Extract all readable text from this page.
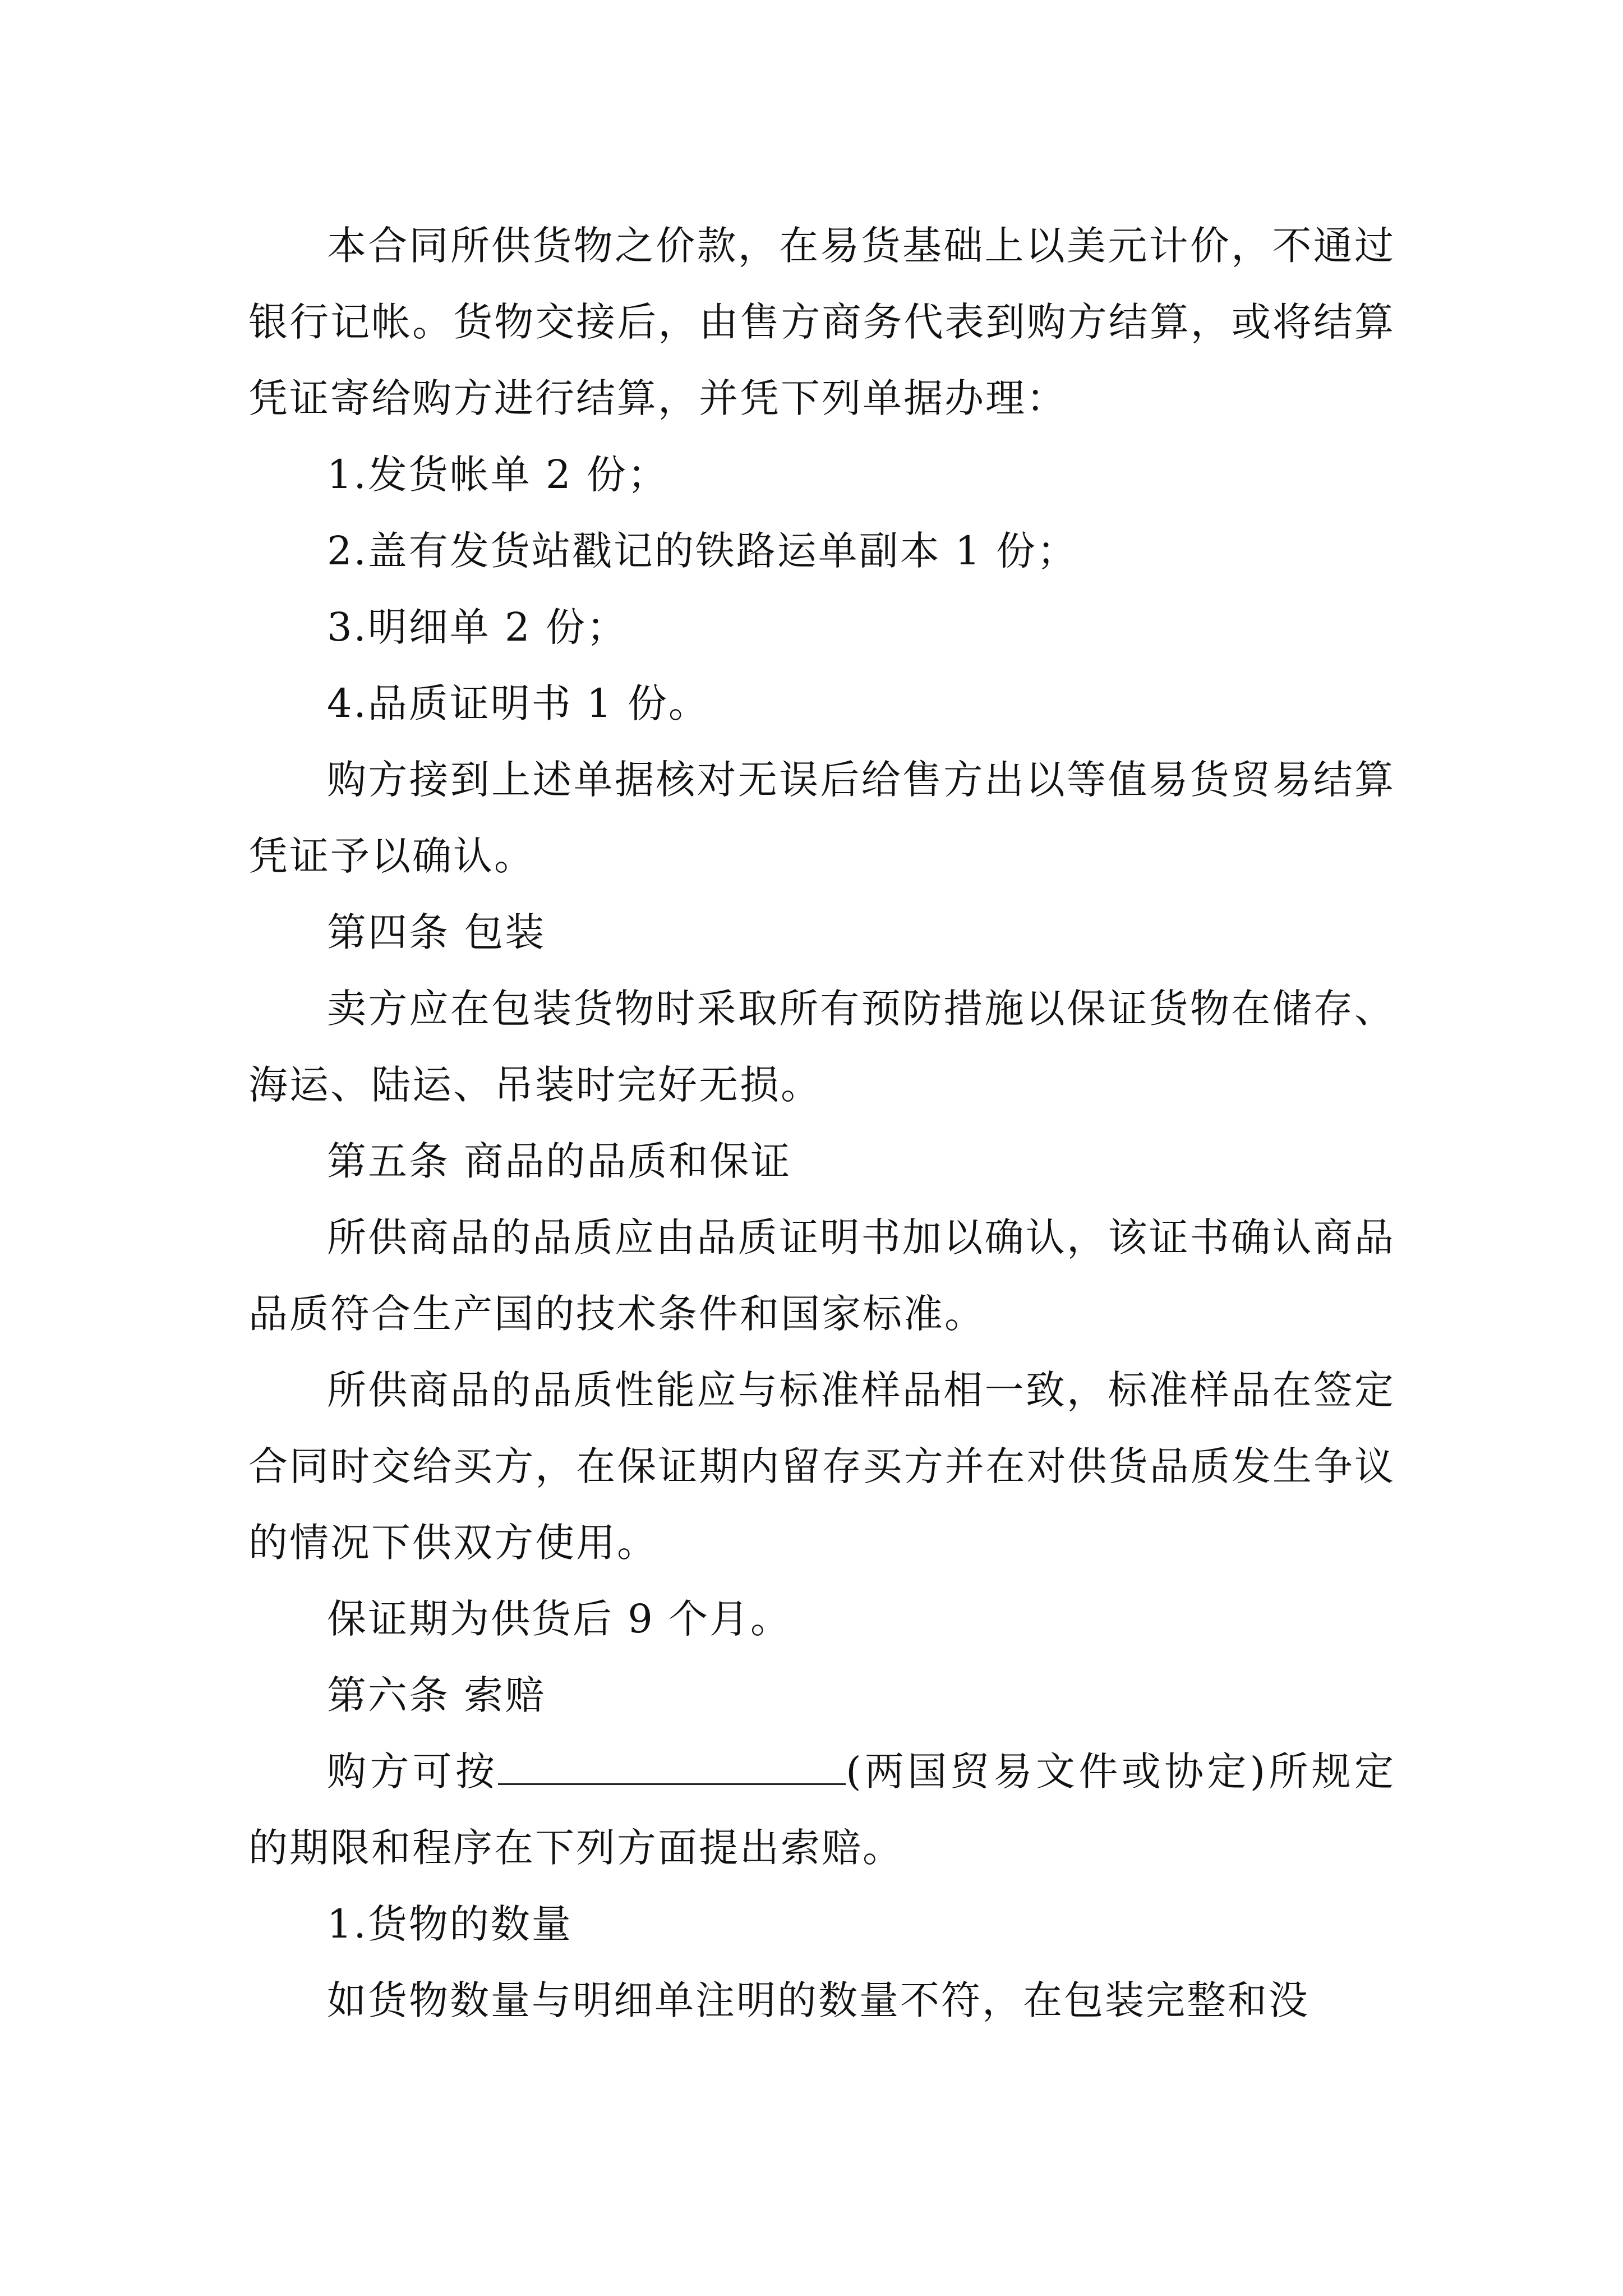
本合同所供货物之价款，在易货基础上以美元计价，不通过银行记帐。货物交接后，由售方商务代表到购方结算，或将结算凭证寄给购方进行结算，并凭下列单据办理：

1.发货帐单 2 份；

2.盖有发货站戳记的铁路运单副本 1 份；

3.明细单 2 份；

4.品质证明书 1 份。

购方接到上述单据核对无误后给售方出以等值易货贸易结算凭证予以确认。

第四条 包装

卖方应在包装货物时采取所有预防措施以保证货物在储存、海运、陆运、吊装时完好无损。

第五条 商品的品质和保证

所供商品的品质应由品质证明书加以确认，该证书确认商品品质符合生产国的技术条件和国家标准。

所供商品的品质性能应与标准样品相一致，标准样品在签定合同时交给买方，在保证期内留存买方并在对供货品质发生争议的情况下供双方使用。

保证期为供货后 9 个月。

第六条 索赔

购方可按	(两国贸易文件或协定)所规定的期限和程序在下列方面提出索赔。

1.货物的数量

如货物数量与明细单注明的数量不符，在包装完整和没
